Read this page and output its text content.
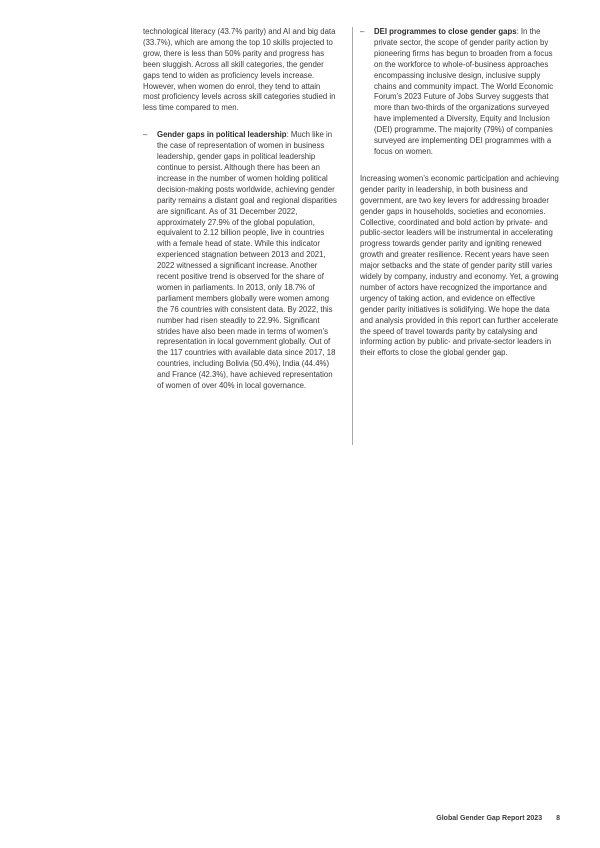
technological literacy (43.7% parity) and AI and big data (33.7%), which are among the top 10 skills projected to grow, there is less than 50% parity and progress has been sluggish. Across all skill categories, the gender gaps tend to widen as proficiency levels increase. However, when women do enrol, they tend to attain most proficiency levels across skill categories studied in less time compared to men.

–	Gender gaps in political leadership: Much like in the case of representation of women in business leadership, gender gaps in political leadership continue to persist. Although there has been an increase in the number of women holding political decision-making posts worldwide, achieving gender parity remains a distant goal and regional disparities are significant. As of 31 December 2022, approximately 27.9% of the global population, equivalent to 2.12 billion people, live in countries with a female head of state. While this indicator experienced stagnation between 2013 and 2021, 2022 witnessed a significant increase. Another recent positive trend is observed for the share of women in parliaments. In 2013, only 18.7% of parliament members globally were women among the 76 countries with consistent data. By 2022, this number had risen steadily to 22.9%. Significant strides have also been made in terms of women’s representation in local government globally. Out of the 117 countries with available data since 2017, 18 countries, including Bolivia (50.4%), India (44.4%) and France (42.3%), have achieved representation of women of over 40% in local governance.

–	DEI programmes to close gender gaps: In the private sector, the scope of gender parity action by pioneering firms has begun to broaden from a focus on the workforce to whole-of-business approaches encompassing inclusive design, inclusive supply chains and community impact. The World Economic Forum’s 2023 Future of Jobs Survey suggests that more than two-thirds of the organizations surveyed have implemented a Diversity, Equity and Inclusion (DEI) programme. The majority (79%) of companies surveyed are implementing DEI programmes with a focus on women.

Increasing women’s economic participation and achieving gender parity in leadership, in both business and government, are two key levers for addressing broader gender gaps in households, societies and economies. Collective, coordinated and bold action by private- and public-sector leaders will be instrumental in accelerating progress towards gender parity and igniting renewed growth and greater resilience. Recent years have seen major setbacks and the state of gender parity still varies widely by company, industry and economy. Yet, a growing number of actors have recognized the importance and urgency of taking action, and evidence on effective gender parity initiatives is solidifying. We hope the data and analysis provided in this report can further accelerate the speed of travel towards parity by catalysing and informing action by public- and private-sector leaders in their efforts to close the global gender gap.

Global Gender Gap Report 2023 8
